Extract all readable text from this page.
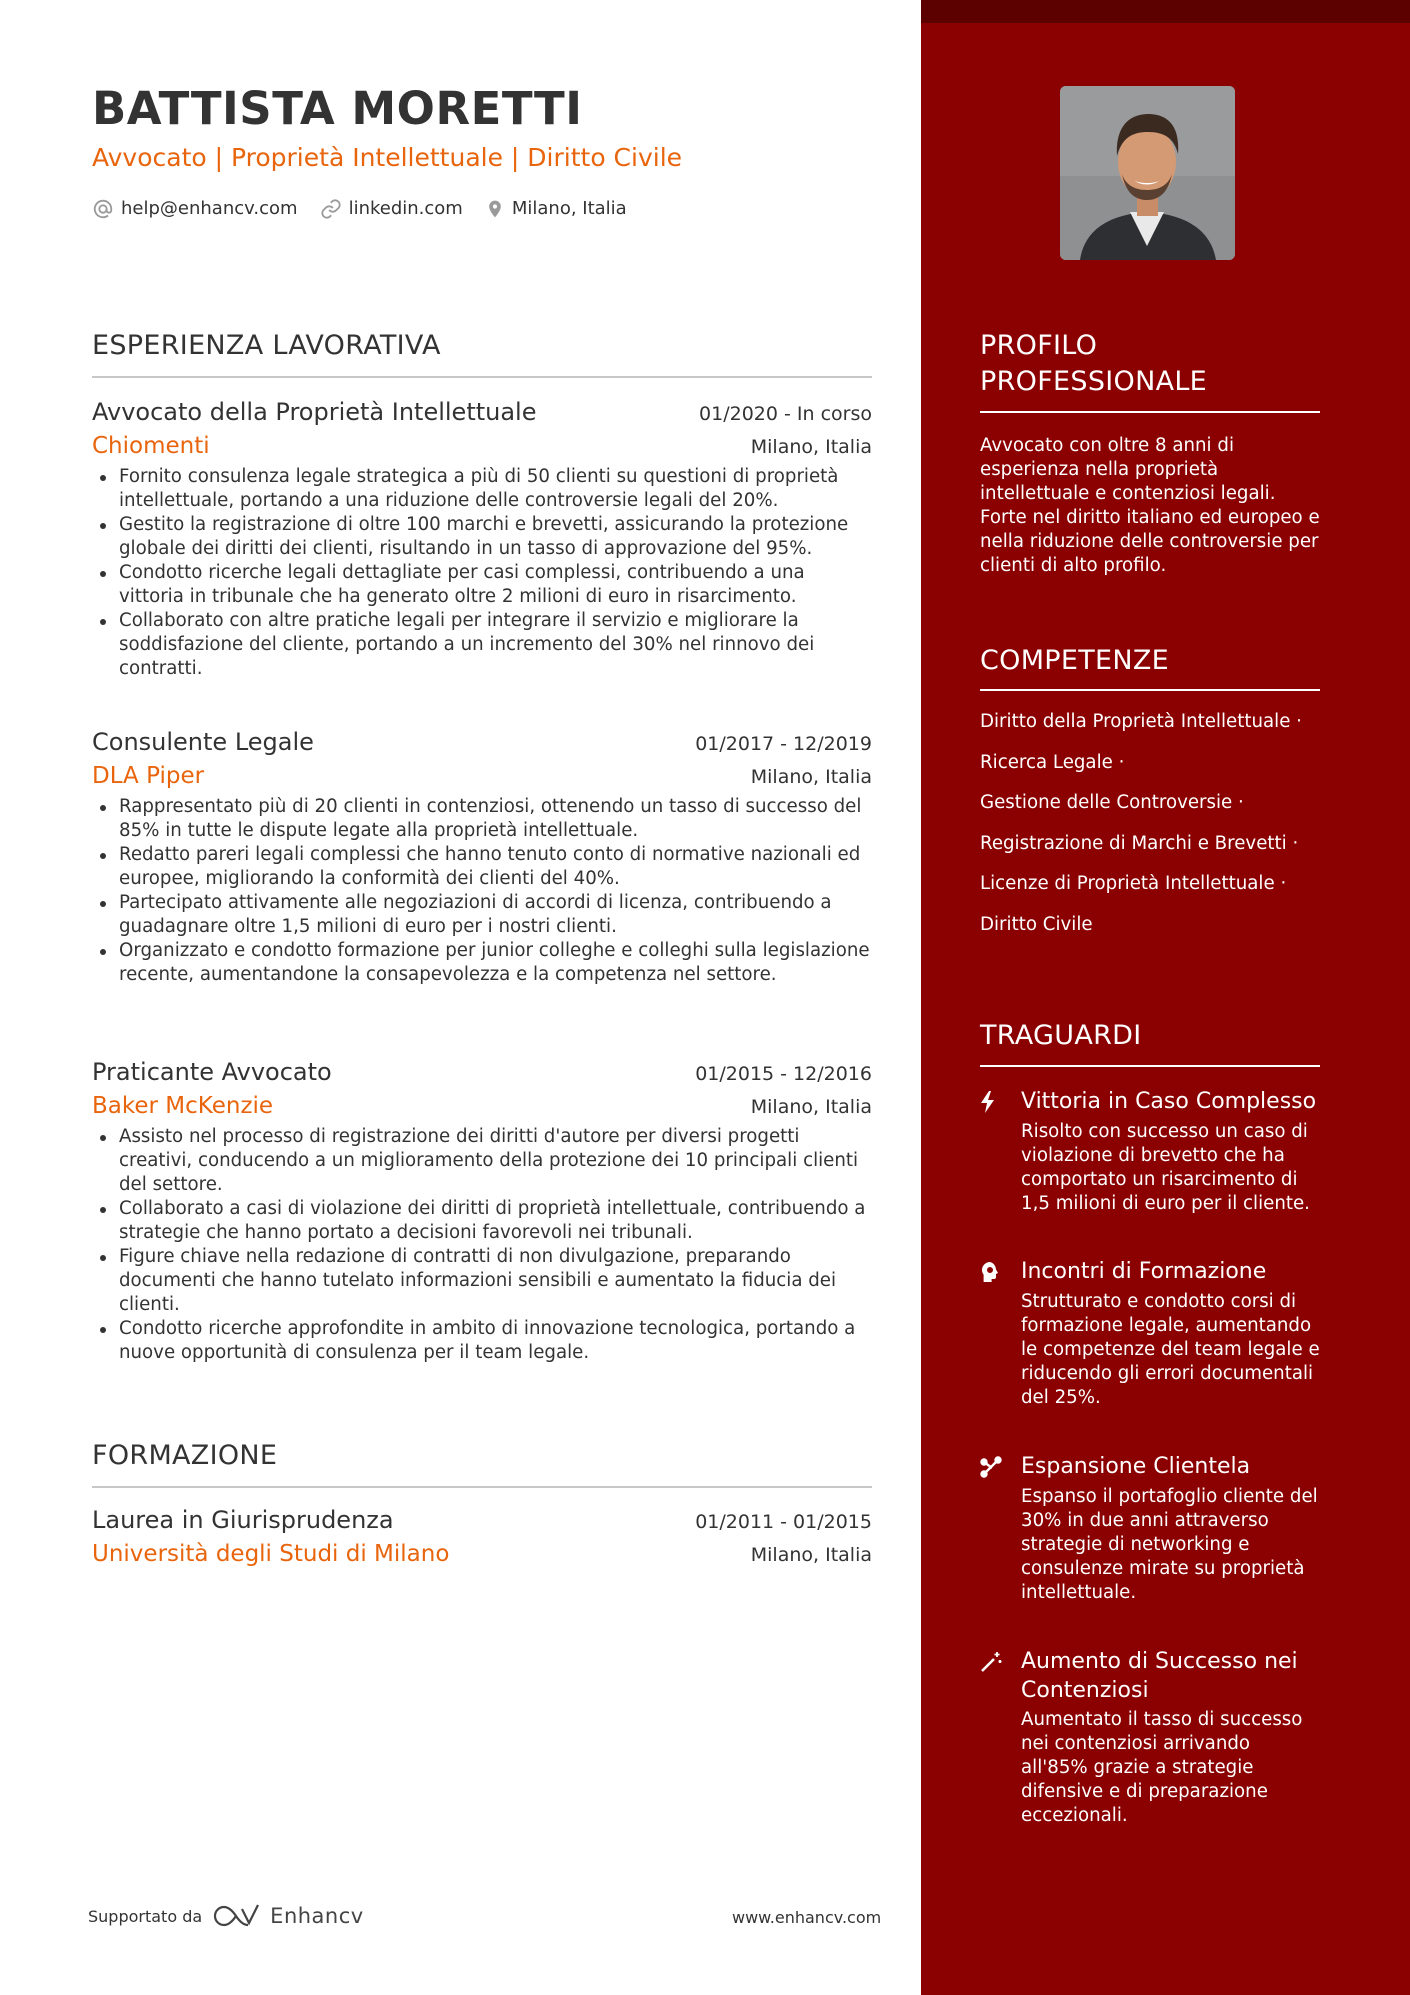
BATTISTA MORETTI
Avvocato | Proprietà Intellettuale | Diritto Civile
help@enhancv.com	linkedin.com	Milano, Italia
ESPERIENZA LAVORATIVA
Avvocato della Proprietà Intellettuale	01/2020 - In corso
Chiomenti	Milano, Italia
Fornito consulenza legale strategica a più di 50 clienti su questioni di proprietà intellettuale, portando a una riduzione delle controversie legali del 20%.
Gestito la registrazione di oltre 100 marchi e brevetti, assicurando la protezione globale dei diritti dei clienti, risultando in un tasso di approvazione del 95%.
Condotto ricerche legali dettagliate per casi complessi, contribuendo a una vittoria in tribunale che ha generato oltre 2 milioni di euro in risarcimento.
Collaborato con altre pratiche legali per integrare il servizio e migliorare la soddisfazione del cliente, portando a un incremento del 30% nel rinnovo dei contratti.
Consulente Legale	01/2017 - 12/2019
DLA Piper	Milano, Italia
Rappresentato più di 20 clienti in contenziosi, ottenendo un tasso di successo del 85% in tutte le dispute legate alla proprietà intellettuale.
Redatto pareri legali complessi che hanno tenuto conto di normative nazionali ed europee, migliorando la conformità dei clienti del 40%.
Partecipato attivamente alle negoziazioni di accordi di licenza, contribuendo a guadagnare oltre 1,5 milioni di euro per i nostri clienti.
Organizzato e condotto formazione per junior colleghe e colleghi sulla legislazione recente, aumentandone la consapevolezza e la competenza nel settore.
Praticante Avvocato	01/2015 - 12/2016
Baker McKenzie	Milano, Italia
Assisto nel processo di registrazione dei diritti d'autore per diversi progetti creativi, conducendo a un miglioramento della protezione dei 10 principali clienti del settore.
Collaborato a casi di violazione dei diritti di proprietà intellettuale, contribuendo a strategie che hanno portato a decisioni favorevoli nei tribunali.
Figure chiave nella redazione di contratti di non divulgazione, preparando documenti che hanno tutelato informazioni sensibili e aumentato la fiducia dei clienti.
Condotto ricerche approfondite in ambito di innovazione tecnologica, portando a nuove opportunità di consulenza per il team legale.
FORMAZIONE
Laurea in Giurisprudenza	01/2011 - 01/2015
Università degli Studi di Milano	Milano, Italia
Supportato da	Enhancv	www.enhancv.com
PROFILO PROFESSIONALE
Avvocato con oltre 8 anni di esperienza nella proprietà intellettuale e contenziosi legali. Forte nel diritto italiano ed europeo e nella riduzione delle controversie per clienti di alto profilo.
COMPETENZE
Diritto della Proprietà Intellettuale ·
Ricerca Legale ·
Gestione delle Controversie ·
Registrazione di Marchi e Brevetti ·
Licenze di Proprietà Intellettuale ·
Diritto Civile
TRAGUARDI
Vittoria in Caso Complesso
Risolto con successo un caso di violazione di brevetto che ha comportato un risarcimento di 1,5 milioni di euro per il cliente.
Incontri di Formazione
Strutturato e condotto corsi di formazione legale, aumentando le competenze del team legale e riducendo gli errori documentali del 25%.
Espansione Clientela
Espanso il portafoglio cliente del 30% in due anni attraverso strategie di networking e consulenze mirate su proprietà intellettuale.
Aumento di Successo nei Contenziosi
Aumentato il tasso di successo nei contenziosi arrivando all'85% grazie a strategie difensive e di preparazione eccezionali.
